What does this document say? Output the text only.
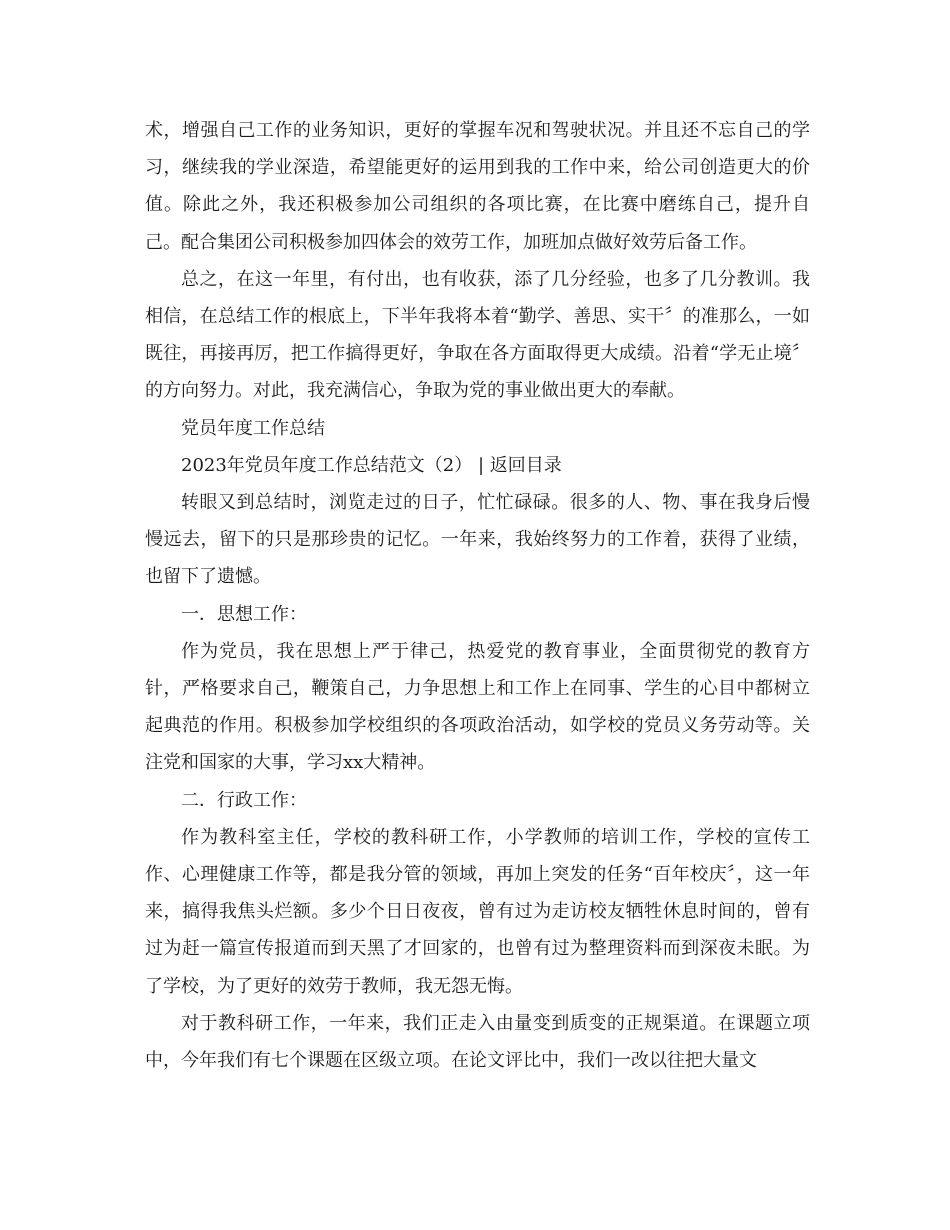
术，增强自己工作的业务知识，更好的掌握车况和驾驶状况。并且还不忘自己的学习，继续我的学业深造，希望能更好的运用到我的工作中来，给公司创造更大的价值。除此之外，我还积极参加公司组织的各项比赛，在比赛中磨练自己，提升自己。配合集团公司积极参加四体会的效劳工作，加班加点做好效劳后备工作。

总之，在这一年里，有付出，也有收获，添了几分经验，也多了几分教训。我相信，在总结工作的根底上，下半年我将本着“勤学、善思、实干〞的准那么，一如既往，再接再厉，把工作搞得更好，争取在各方面取得更大成绩。沿着“学无止境〞的方向努力。对此，我充满信心，争取为党的事业做出更大的奉献。

党员年度工作总结

2023年党员年度工作总结范文（2） | 返回目录

转眼又到总结时，浏览走过的日子，忙忙碌碌。很多的人、物、事在我身后慢慢远去，留下的只是那珍贵的记忆。一年来，我始终努力的工作着，获得了业绩，也留下了遗憾。

一．思想工作：

作为党员，我在思想上严于律己，热爱党的教育事业，全面贯彻党的教育方针，严格要求自己，鞭策自己，力争思想上和工作上在同事、学生的心目中都树立起典范的作用。积极参加学校组织的各项政治活动，如学校的党员义务劳动等。关注党和国家的大事，学习xx大精神。

二．行政工作：

作为教科室主任，学校的教科研工作，小学教师的培训工作，学校的宣传工作、心理健康工作等，都是我分管的领域，再加上突发的任务“百年校庆〞，这一年来，搞得我焦头烂额。多少个日日夜夜，曾有过为走访校友牺牲休息时间的，曾有过为赶一篇宣传报道而到天黑了才回家的，也曾有过为整理资料而到深夜未眠。为了学校，为了更好的效劳于教师，我无怨无悔。

对于教科研工作，一年来，我们正走入由量变到质变的正规渠道。在课题立项中，今年我们有七个课题在区级立项。在论文评比中，我们一改以往把大量文
